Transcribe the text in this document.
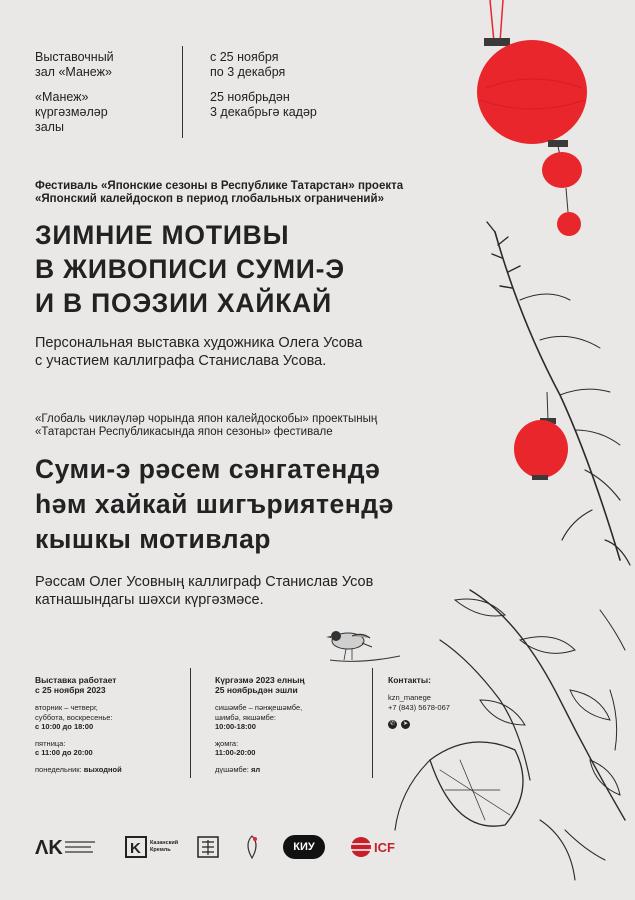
Выставочный
зал «Манеж»

«Манеж»
күргәзмәләр
залы

с 25 ноября
по 3 декабря

25 ноябрьдән
3 декабрьгә кадәр

Фестиваль «Японские сезоны в Республике Татарстан» проекта
«Японский калейдоскоп в период глобальных ограничений»
ЗИМНИЕ МОТИВЫ
В ЖИВОПИСИ СУМИ-Э
И В ПОЭЗИИ ХАЙКАЙ
Персональная выставка художника Олега Усова
с участием каллиграфа Станислава Усова.
«Глобаль чикләүләр чорында япон калейдоскобы» проектының
«Татарстан Республикасында япон сезоны» фестивале
Суми-э рәсем сәнгатендә
һәм хайкай шигъриятендә
кышкы мотивлар
Рәссам Олег Усовның каллиграф Станислав Усов
катнашындагы шәхси күргәзмәсе.
Выставка работает
с 25 ноября 2023
вторник – четверг,
суббота, воскресенье:
с 10:00 до 18:00
пятница:
с 11:00 до 20:00
понедельник: выходной
Күргәзмә 2023 елның
25 ноябрьдән эшли
сишәмбе – пәнҗешәмбе,
шимбә, якшәмбе:
10:00-18:00
җомга:
11:00-20:00
дүшәмбе: ял
Контакты:
kzn_manege
+7 (843) 5678-067
✆	➤
ΛK	K Казанский Кремль	КИУ	ICF
